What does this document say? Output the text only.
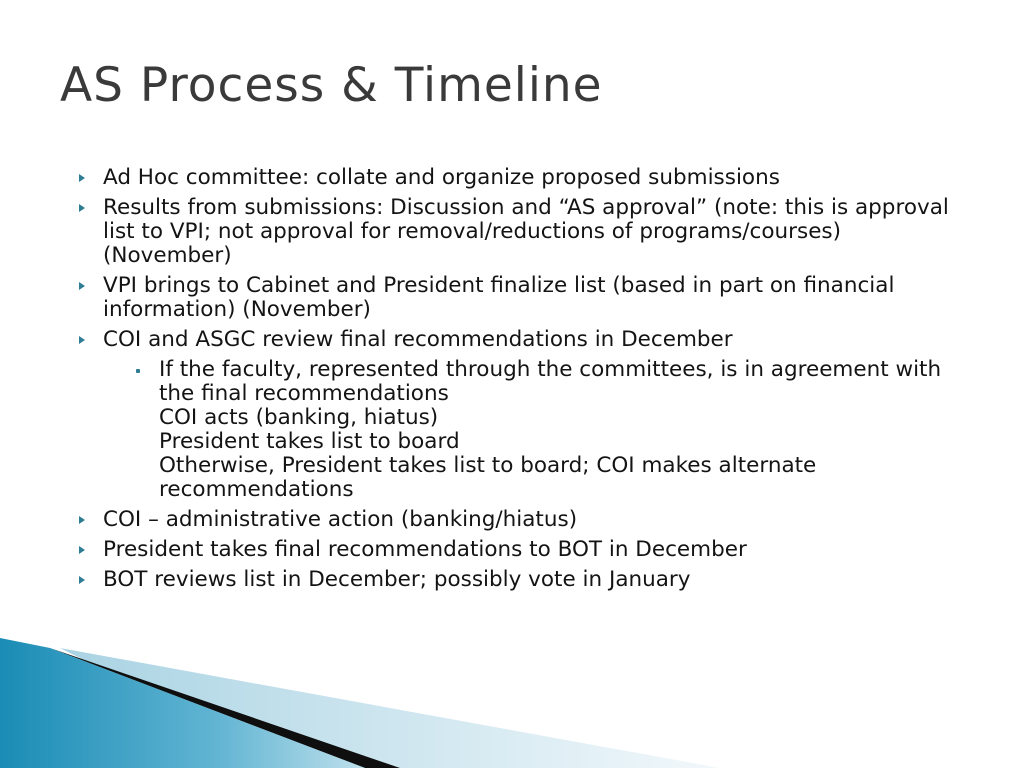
AS Process & Timeline
Ad Hoc committee: collate and organize proposed submissions
Results from submissions: Discussion and “AS approval” (note: this is approval list to VPI; not approval for removal/reductions of programs/courses) (November)
VPI brings to Cabinet and President finalize list (based in part on financial information) (November)
COI and ASGC review final recommendations in December
If the faculty, represented through the committees, is in agreement with the final recommendations
COI acts (banking, hiatus)
President takes list to board
Otherwise, President takes list to board; COI makes alternate recommendations
COI – administrative action (banking/hiatus)
President takes final recommendations to BOT in December
BOT reviews list in December; possibly vote in January
